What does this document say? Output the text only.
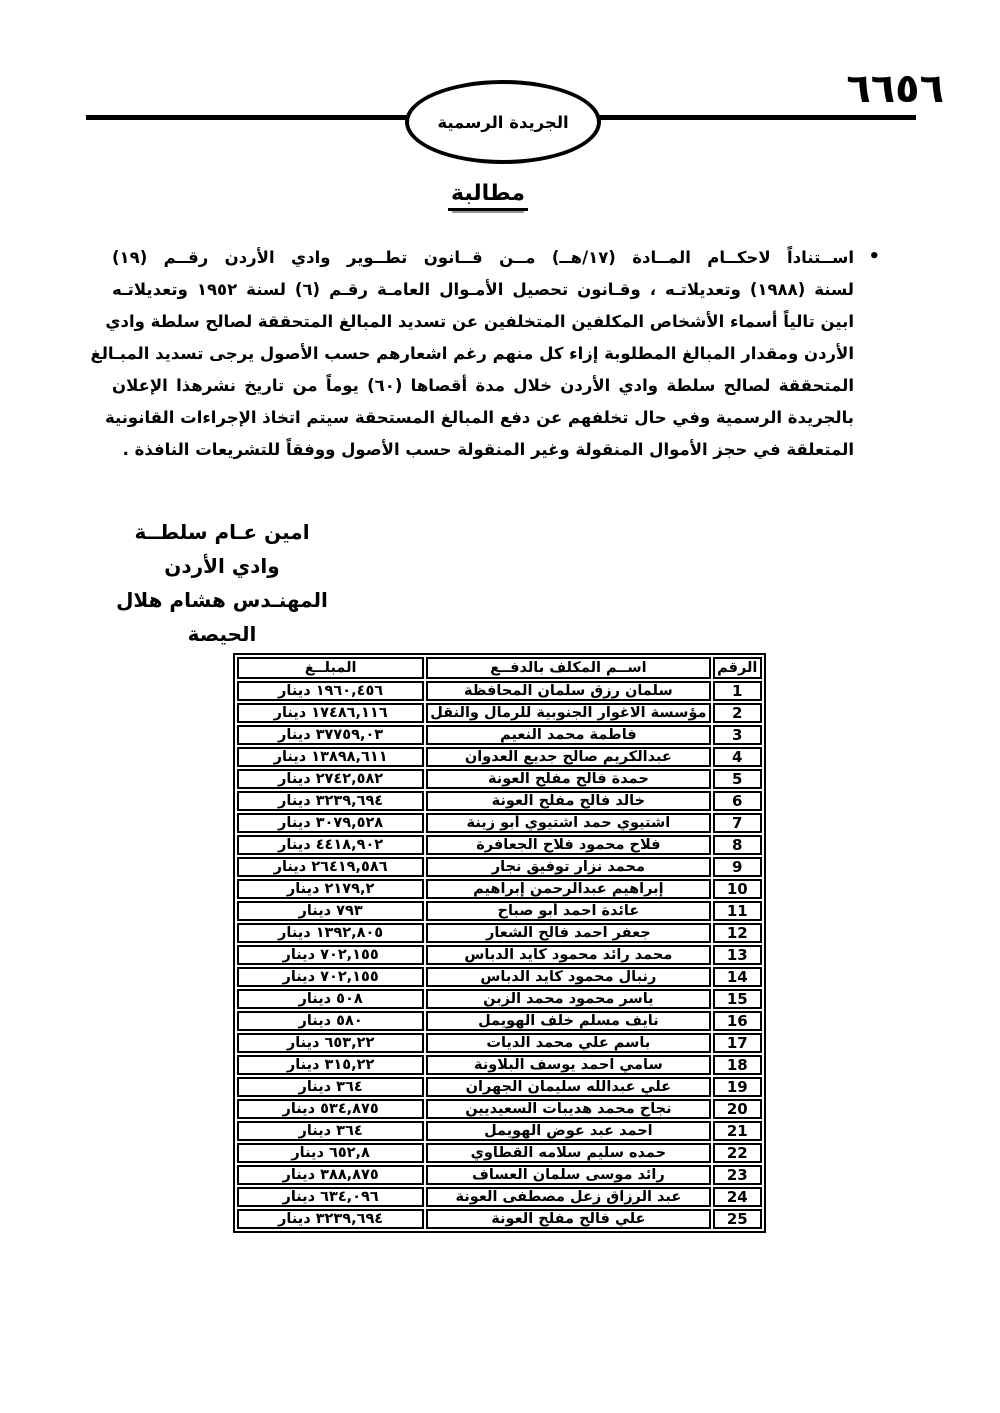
٦٦٥٦
الجريدة الرسمية
مطالبة
•
اســتناداً لاحكــام المــادة (١٧/هــ) مــن قــانون تطــوير وادي الأردن رقــم (١٩)
لسنة (١٩٨٨) وتعديلاتـه ، وقـانون تحصيل الأمـوال العامـة رقـم (٦) لسنة ١٩٥٢ وتعديلاتـه
ابين تالياً أسماء الأشخاص المكلفين المتخلفين عن تسديد المبالغ المتحققة لصالح سلطة وادي
الأردن ومقدار المبالغ المطلوبة إزاء كل منهم رغم اشعارهم حسب الأصول يرجى تسديد المبـالغ
المتحققة لصالح سلطة وادي الأردن خلال مدة أقصاها (٦٠) يوماً من تاريخ نشرهذا الإعلان
بالجريدة الرسمية وفي حال تخلفهم عن دفع المبالغ المستحقة سيتم اتخاذ الإجراءات القانونية
المتعلقة في حجز الأموال المنقولة وغير المنقولة حسب الأصول ووفقاً للتشريعات النافذة .
امين عـام سلطــة وادي الأردن
المهنـدس هشام هلال الحيصة
الرقم	اســم المكلف بالدفــع	المبلــغ
1	سلمان رزق سلمان المحافظة	١٩٦٠,٤٥٦ دينار
2	مؤسسة الاغوار الجنوبية للرمال والنقل	١٧٤٨٦,١١٦ دينار
3	فاطمة محمد النعيم	٣٧٧٥٩,٠٣ دينار
4	عبدالكريم صالح جديع العدوان	١٣٨٩٨,٦١١ دينار
5	حمدة فالح مفلح العونة	٢٧٤٢,٥٨٢ دينار
6	خالد فالح مفلح العونة	٣٢٣٩,٦٩٤ دينار
7	اشتيوي حمد اشتيوي أبو زينة	٣٠٧٩,٥٢٨ دينار
8	فلاح محمود فلاح الجعافرة	٤٤١٨,٩٠٢ دينار
9	محمد نزار توفيق نجار	٢٦٤١٩,٥٨٦ دينار
10	إبراهيم عبدالرحمن إبراهيم	٢١٧٩,٢ دينار
11	عائدة احمد أبو صباح	٧٩٣ دينار
12	جعفر احمد فالح الشعار	١٣٩٢,٨٠٥ دينار
13	محمد رائد محمود كايد الدباس	٧٠٢,١٥٥ دينار
14	رنبال محمود كايد الدباس	٧٠٢,١٥٥ دينار
15	ياسر محمود محمد الزبن	٥٠٨ دينار
16	نايف مسلم خلف الهويمل	٥٨٠ دينار
17	باسم علي محمد الديات	٦٥٣,٢٢ دينار
18	سامي احمد يوسف البلاونة	٣١٥,٢٢ دينار
19	علي عبدالله سليمان الجهران	٣٦٤ دينار
20	نجاح محمد هديبات السعيديين	٥٣٤,٨٧٥ دينار
21	احمد عبد عوض الهويمل	٣٦٤ دينار
22	حمده سليم سلامه القطاوي	٦٥٢,٨ دينار
23	رائد موسى سلمان العساف	٣٨٨,٨٧٥ دينار
24	عبد الرزاق زعل مصطفى العونة	٦٣٤,٠٩٦ دينار
25	علي فالح مفلح العونة	٣٢٣٩,٦٩٤ دينار
